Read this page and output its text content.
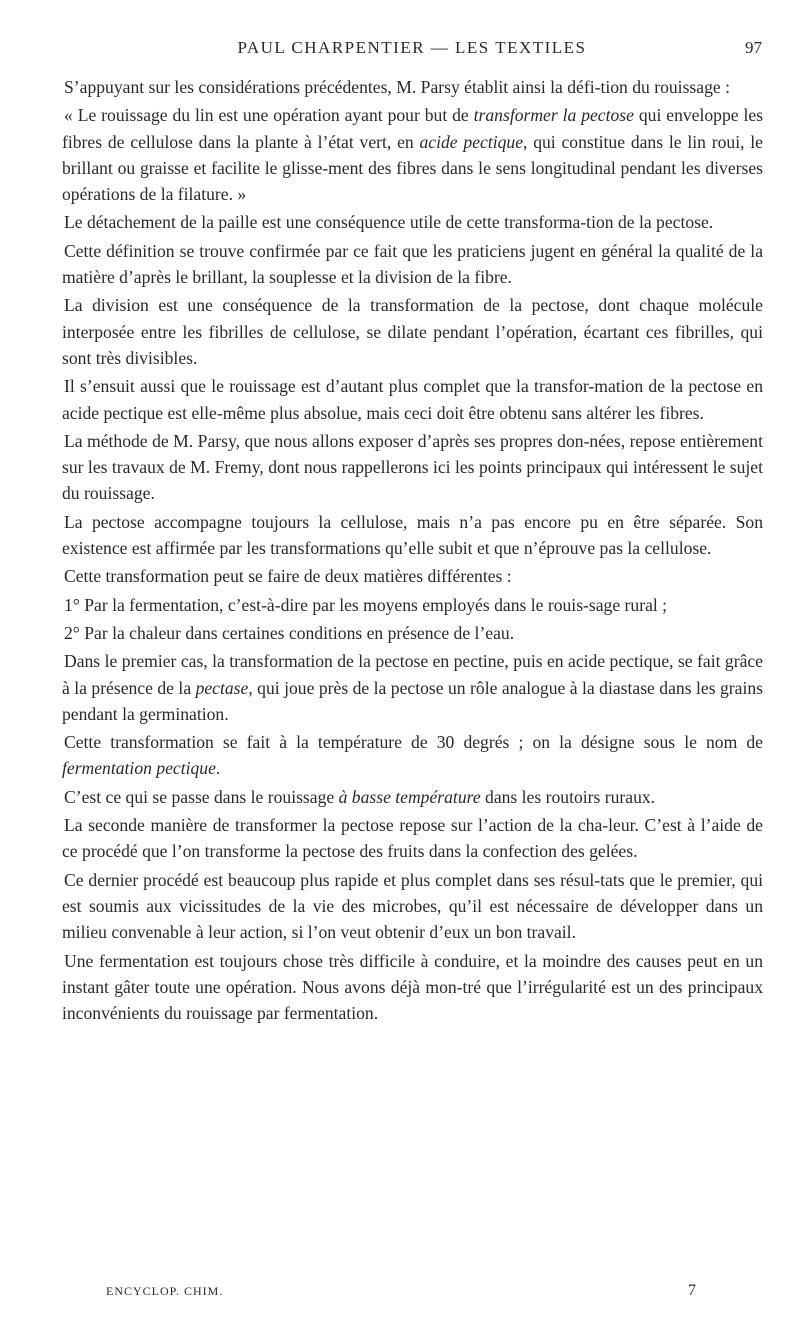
PAUL CHARPENTIER — LES TEXTILES	97

S’appuyant sur les considérations précédentes, M. Parsy établit ainsi la défi-tion du rouissage :

« Le rouissage du lin est une opération ayant pour but de transformer la pectose qui enveloppe les fibres de cellulose dans la plante à l’état vert, en acide pectique, qui constitue dans le lin roui, le brillant ou graisse et facilite le glisse-ment des fibres dans le sens longitudinal pendant les diverses opérations de la filature. »

Le détachement de la paille est une conséquence utile de cette transforma-tion de la pectose.

Cette définition se trouve confirmée par ce fait que les praticiens jugent en général la qualité de la matière d’après le brillant, la souplesse et la division de la fibre.

La division est une conséquence de la transformation de la pectose, dont chaque molécule interposée entre les fibrilles de cellulose, se dilate pendant l’opération, écartant ces fibrilles, qui sont très divisibles.

Il s’ensuit aussi que le rouissage est d’autant plus complet que la transfor-mation de la pectose en acide pectique est elle-même plus absolue, mais ceci doit être obtenu sans altérer les fibres.

La méthode de M. Parsy, que nous allons exposer d’après ses propres don-nées, repose entièrement sur les travaux de M. Fremy, dont nous rappellerons ici les points principaux qui intéressent le sujet du rouissage.

La pectose accompagne toujours la cellulose, mais n’a pas encore pu en être séparée. Son existence est affirmée par les transformations qu’elle subit et que n’éprouve pas la cellulose.

Cette transformation peut se faire de deux matières différentes :

1° Par la fermentation, c’est-à-dire par les moyens employés dans le rouis-sage rural ;

2° Par la chaleur dans certaines conditions en présence de l’eau.

Dans le premier cas, la transformation de la pectose en pectine, puis en acide pectique, se fait grâce à la présence de la pectase, qui joue près de la pectose un rôle analogue à la diastase dans les grains pendant la germination.

Cette transformation se fait à la température de 30 degrés ; on la désigne sous le nom de fermentation pectique.

C’est ce qui se passe dans le rouissage à basse température dans les routoirs ruraux.

La seconde manière de transformer la pectose repose sur l’action de la cha-leur. C’est à l’aide de ce procédé que l’on transforme la pectose des fruits dans la confection des gelées.

Ce dernier procédé est beaucoup plus rapide et plus complet dans ses résul-tats que le premier, qui est soumis aux vicissitudes de la vie des microbes, qu’il est nécessaire de développer dans un milieu convenable à leur action, si l’on veut obtenir d’eux un bon travail.

Une fermentation est toujours chose très difficile à conduire, et la moindre des causes peut en un instant gâter toute une opération. Nous avons déjà mon-tré que l’irrégularité est un des principaux inconvénients du rouissage par fermentation.

ENCYCLOP. CHIM.	7
